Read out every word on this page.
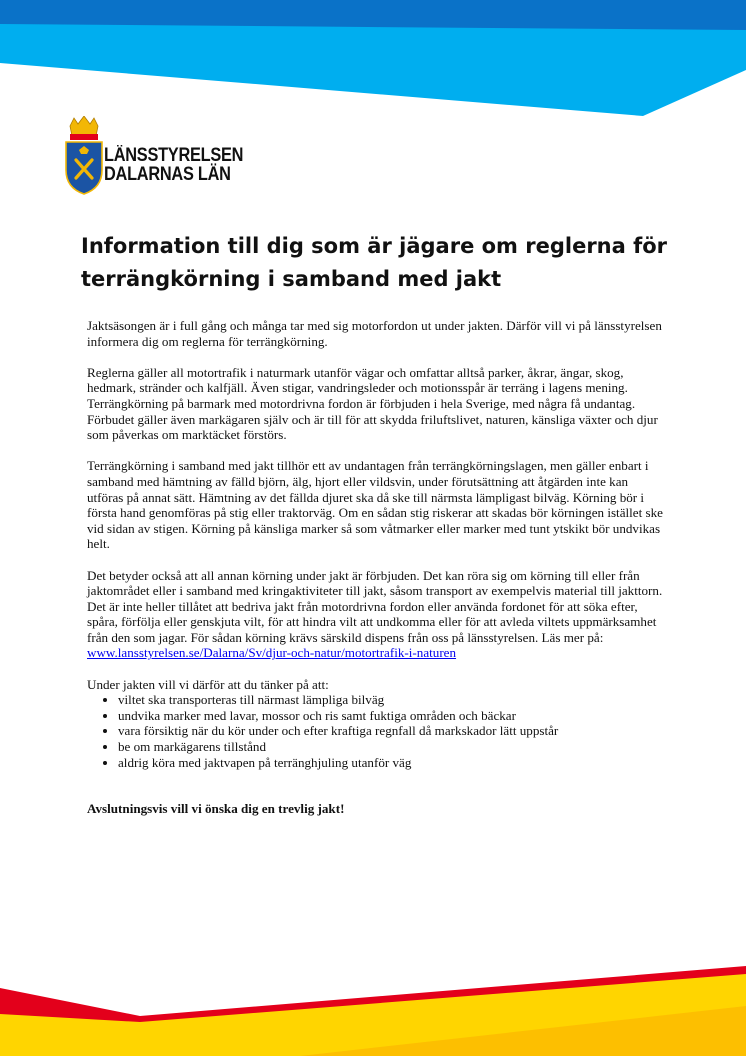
LÄNSSTYRELSEN
DALARNAS LÄN
Information till dig som är jägare om reglerna för terrängkörning i samband med jakt

Jaktsäsongen är i full gång och många tar med sig motorfordon ut under jakten. Därför vill vi på länsstyrelsen informera dig om reglerna för terrängkörning.

Reglerna gäller all motortrafik i naturmark utanför vägar och omfattar alltså parker, åkrar, ängar, skog, hedmark, stränder och kalfjäll. Även stigar, vandringsleder och motionsspår är terräng i lagens mening. Terrängkörning på barmark med motordrivna fordon är förbjuden i hela Sverige, med några få undantag. Förbudet gäller även markägaren själv och är till för att skydda friluftslivet, naturen, känsliga växter och djur som påverkas om marktäcket förstörs.

Terrängkörning i samband med jakt tillhör ett av undantagen från terrängkörningslagen, men gäller enbart i samband med hämtning av fälld björn, älg, hjort eller vildsvin, under förutsättning att åtgärden inte kan utföras på annat sätt. Hämtning av det fällda djuret ska då ske till närmsta lämpligast bilväg. Körning bör i första hand genomföras på stig eller traktorväg. Om en sådan stig riskerar att skadas bör körningen istället ske vid sidan av stigen. Körning på känsliga marker så som våtmarker eller marker med tunt ytskikt bör undvikas helt.

Det betyder också att all annan körning under jakt är förbjuden. Det kan röra sig om körning till eller från jaktområdet eller i samband med kringaktiviteter till jakt, såsom transport av exempelvis material till jakttorn. Det är inte heller tillåtet att bedriva jakt från motordrivna fordon eller använda fordonet för att söka efter, spåra, förfölja eller genskjuta vilt, för att hindra vilt att undkomma eller för att avleda viltets uppmärksamhet från den som jagar. För sådan körning krävs särskild dispens från oss på länsstyrelsen. Läs mer på: www.lansstyrelsen.se/Dalarna/Sv/djur-och-natur/motortrafik-i-naturen

Under jakten vill vi därför att du tänker på att:
• viltet ska transporteras till närmast lämpliga bilväg
• undvika marker med lavar, mossor och ris samt fuktiga områden och bäckar
• vara försiktig när du kör under och efter kraftiga regnfall då markskador lätt uppstår
• be om markägarens tillstånd
• aldrig köra med jaktvapen på terränghjuling utanför väg

Avslutningsvis vill vi önska dig en trevlig jakt!
